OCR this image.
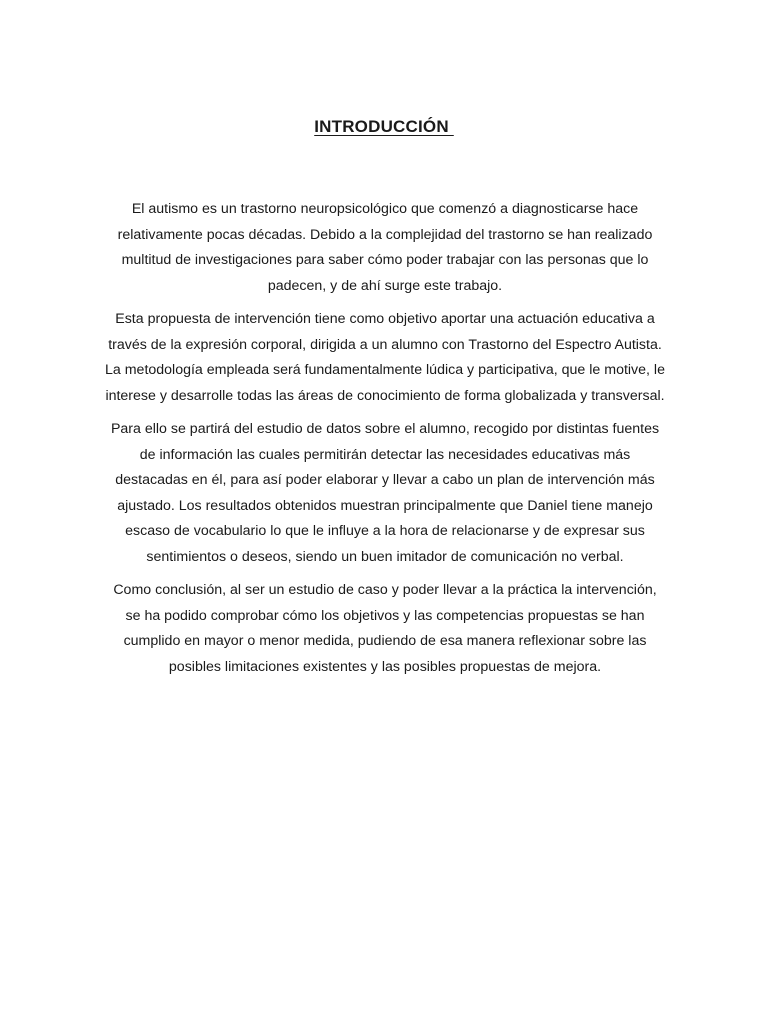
INTRODUCCIÓN

El autismo es un trastorno neuropsicológico que comenzó a diagnosticarse hace relativamente pocas décadas. Debido a la complejidad del trastorno se han realizado multitud de investigaciones para saber cómo poder trabajar con las personas que lo padecen, y de ahí surge este trabajo.

Esta propuesta de intervención tiene como objetivo aportar una actuación educativa a través de la expresión corporal, dirigida a un alumno con Trastorno del Espectro Autista. La metodología empleada será fundamentalmente lúdica y participativa, que le motive, le interese y desarrolle todas las áreas de conocimiento de forma globalizada y transversal.

Para ello se partirá del estudio de datos sobre el alumno, recogido por distintas fuentes de información las cuales permitirán detectar las necesidades educativas más destacadas en él, para así poder elaborar y llevar a cabo un plan de intervención más ajustado. Los resultados obtenidos muestran principalmente que Daniel tiene manejo escaso de vocabulario lo que le influye a la hora de relacionarse y de expresar sus sentimientos o deseos, siendo un buen imitador de comunicación no verbal.

Como conclusión, al ser un estudio de caso y poder llevar a la práctica la intervención, se ha podido comprobar cómo los objetivos y las competencias propuestas se han cumplido en mayor o menor medida, pudiendo de esa manera reflexionar sobre las posibles limitaciones existentes y las posibles propuestas de mejora.
